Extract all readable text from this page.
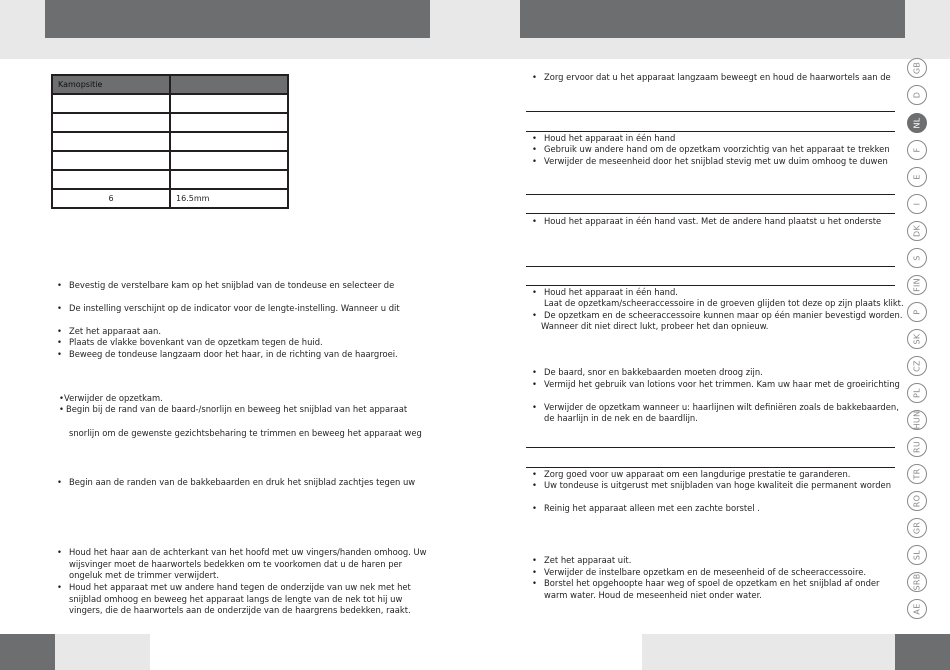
Kamopsitie	

6	16.5mm
• Bevestig de verstelbare kam op het snijblad van de tondeuse en selecteer de
• De instelling verschijnt op de indicator voor de lengte-instelling. Wanneer u dit
• Zet het apparaat aan.
• Plaats de vlakke bovenkant van de opzetkam tegen de huid.
• Beweeg de tondeuse langzaam door het haar, in de richting van de haargroei.
• Verwijder de opzetkam.
• Begin bij de rand van de baard-/snorlijn en beweeg het snijblad van het apparaat
snorlijn om de gewenste gezichtsbeharing te trimmen en beweeg het apparaat weg
• Begin aan de randen van de bakkebaarden en druk het snijblad zachtjes tegen uw
• Houd het haar aan de achterkant van het hoofd met uw vingers/handen omhoog. Uw
wijsvinger moet de haarwortels bedekken om te voorkomen dat u de haren per
ongeluk met de trimmer verwijdert.
• Houd het apparaat met uw andere hand tegen de onderzijde van uw nek met het
snijblad omhoog en beweeg het apparaat langs de lengte van de nek tot hij uw
vingers, die de haarwortels aan de onderzijde van de haargrens bedekken, raakt.
• Zorg ervoor dat u het apparaat langzaam beweegt en houd de haarwortels aan de
• Houd het apparaat in één hand
• Gebruik uw andere hand om de opzetkam voorzichtig van het apparaat te trekken
• Verwijder de meseenheid door het snijblad stevig met uw duim omhoog te duwen
• Houd het apparaat in één hand vast. Met de andere hand plaatst u het onderste
• Houd het apparaat in één hand.
Laat de opzetkam/scheeraccessoire in de groeven glijden tot deze op zijn plaats klikt.
• De opzetkam en de scheeraccessoire kunnen maar op één manier bevestigd worden.
Wanneer dit niet direct lukt, probeer het dan opnieuw.
• De baard, snor en bakkebaarden moeten droog zijn.
• Vermijd het gebruik van lotions voor het trimmen. Kam uw haar met de groeirichting
• Verwijder de opzetkam wanneer u: haarlijnen wilt definiëren zoals de bakkebaarden,
de haarlijn in de nek en de baardlijn.
• Zorg goed voor uw apparaat om een langdurige prestatie te garanderen.
• Uw tondeuse is uitgerust met snijbladen van hoge kwaliteit die permanent worden
• Reinig het apparaat alleen met een zachte borstel .
• Zet het apparaat uit.
• Verwijder de instelbare opzetkam en de meseenheid of de scheeraccessoire.
• Borstel het opgehoopte haar weg of spoel de opzetkam en het snijblad af onder
warm water. Houd de meseenheid niet onder water.
GB
D
NL
F
E
I
DK
S
FIN
P
SK
CZ
PL
HUN
RU
TR
RO
GR
SL
SRB
AE
